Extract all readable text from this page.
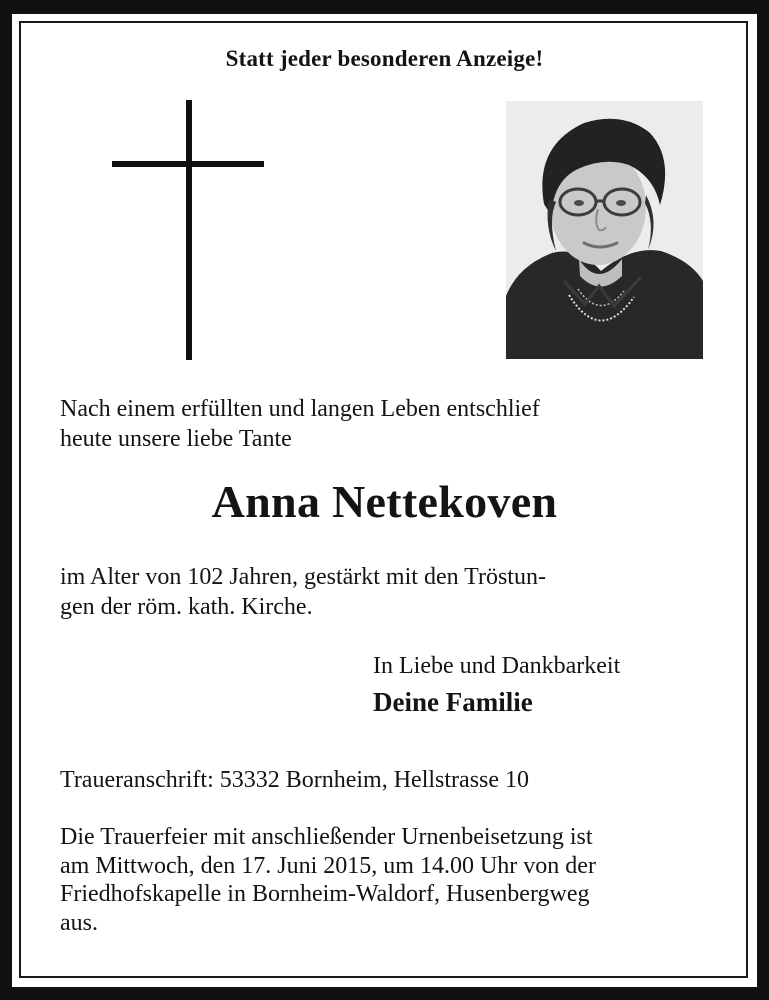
Statt jeder besonderen Anzeige!
Nach einem erfüllten und langen Leben entschlief
heute unsere liebe Tante
Anna Nettekoven
im Alter von 102 Jahren, gestärkt mit den Tröstun-
gen der röm. kath. Kirche.
In Liebe und Dankbarkeit
Deine Familie
Traueranschrift: 53332 Bornheim, Hellstrasse 10
Die Trauerfeier mit anschließender Urnenbeisetzung ist
am Mittwoch, den 17. Juni 2015, um 14.00 Uhr von der
Friedhofskapelle in Bornheim-Waldorf, Husenbergweg
aus.
